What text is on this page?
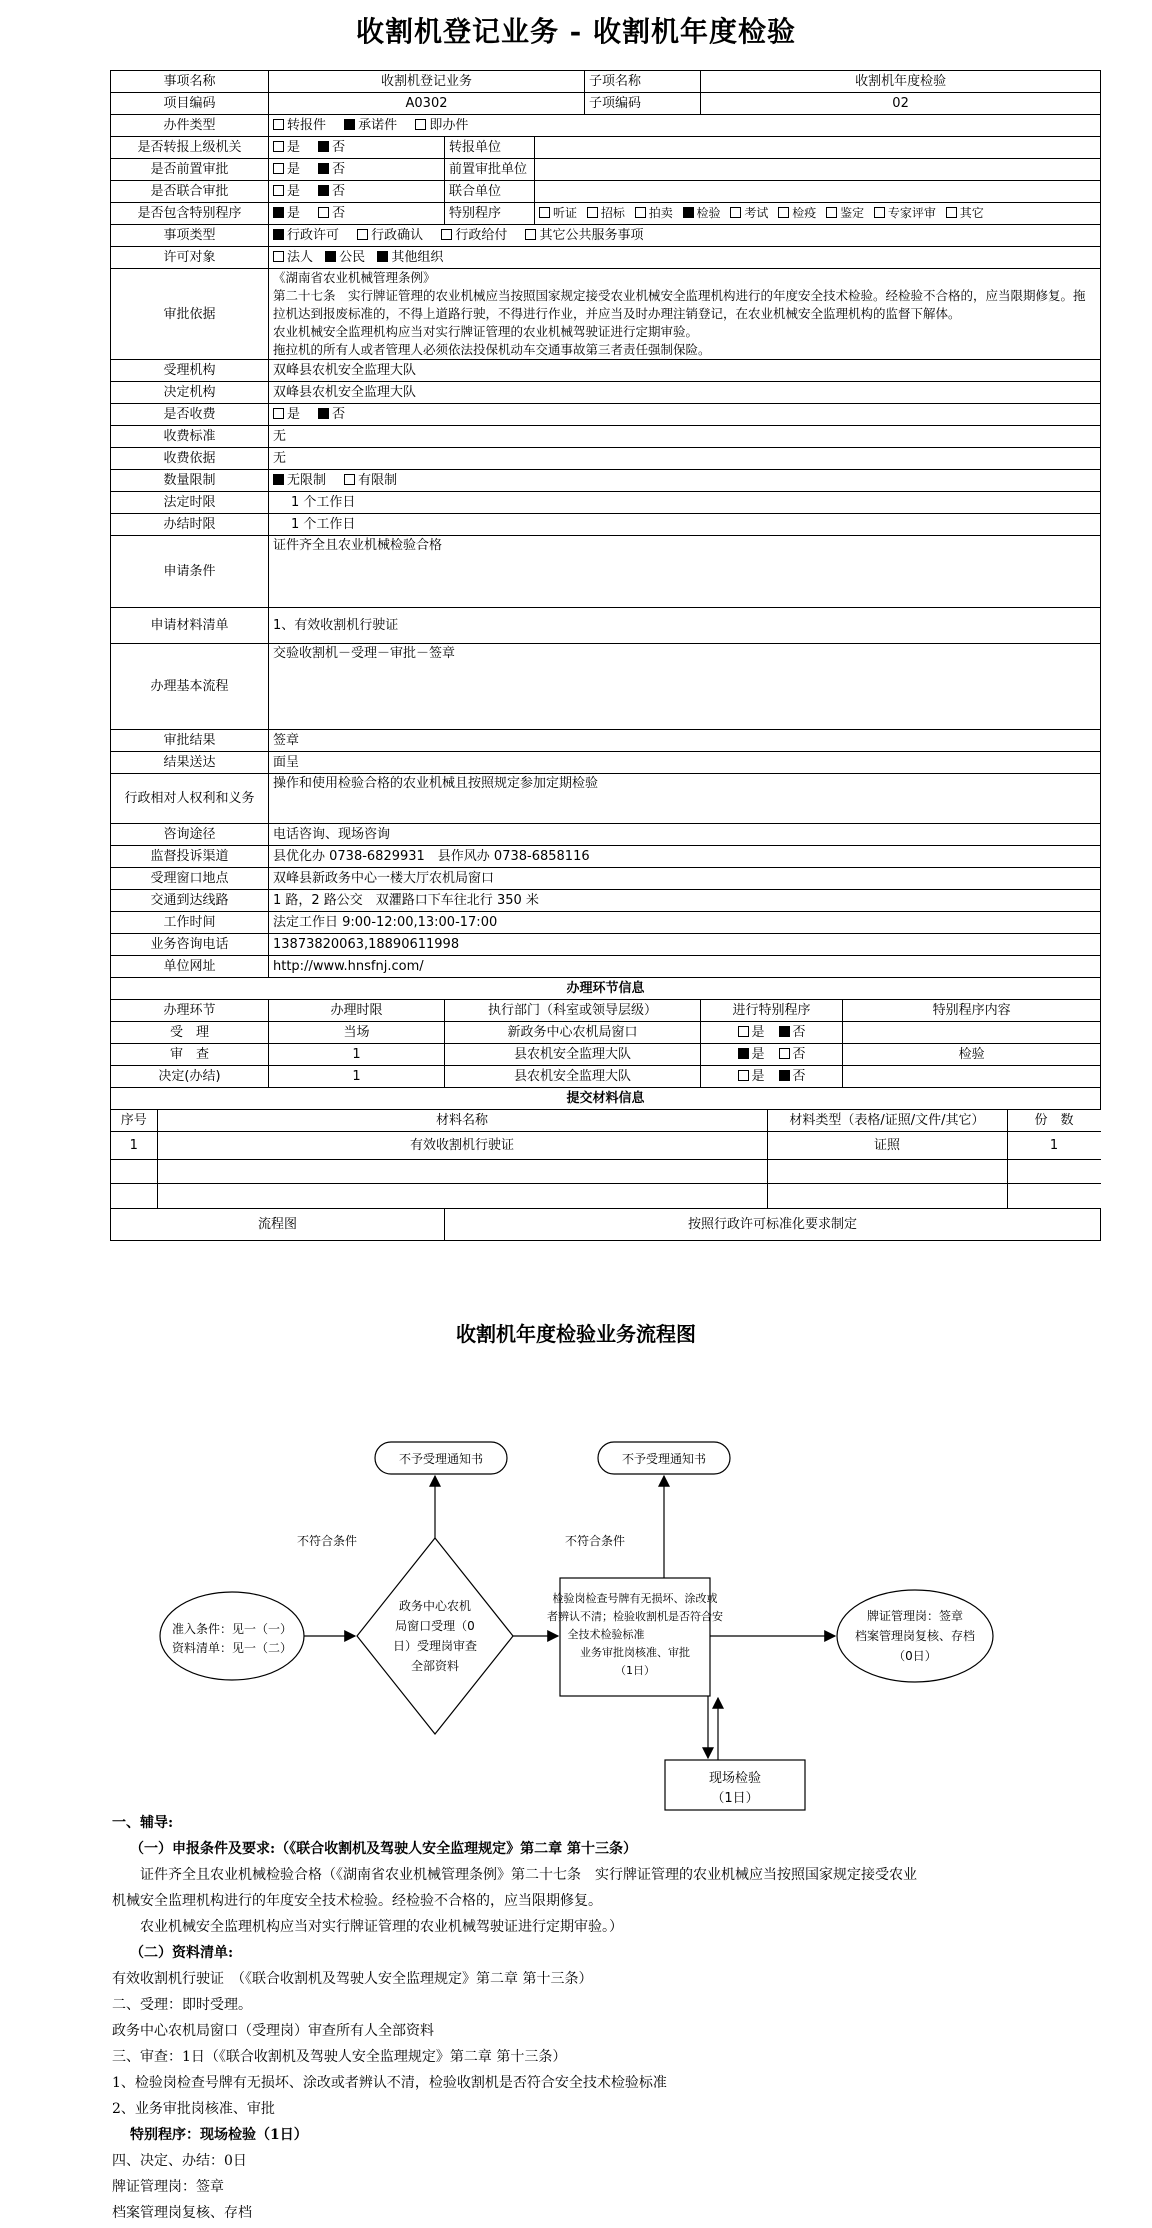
收割机登记业务 - 收割机年度检验
事项名称	收割机登记业务	子项名称	收割机年度检验
项目编码	A0302	子项编码	02
办件类型	转报件 承诺件 即办件
是否转报上级机关	是 否	转报单位	
是否前置审批	是 否	前置审批单位	
是否联合审批	是 否	联合单位	
是否包含特别程序	是 否	特别程序	听证 招标 拍卖 检验 考试 检疫 鉴定 专家评审 其它
事项类型	行政许可 行政确认 行政给付 其它公共服务事项
许可对象	法人 公民 其他组织
审批依据	
《湖南省农业机械管理条例》
第二十七条　实行牌证管理的农业机械应当按照国家规定接受农业机械安全监理机构进行的年度安全技术检验。经检验不合格的，应当限期修复。拖拉机达到报废标准的，不得上道路行驶，不得进行作业，并应当及时办理注销登记，在农业机械安全监理机构的监督下解体。
农业机械安全监理机构应当对实行牌证管理的农业机械驾驶证进行定期审验。
拖拉机的所有人或者管理人必须依法投保机动车交通事故第三者责任强制保险。

受理机构	双峰县农机安全监理大队
决定机构	双峰县农机安全监理大队
是否收费	是 否
收费标准	无
收费依据	无
数量限制	无限制 有限制
法定时限	1 个工作日
办结时限	1 个工作日
申请条件	证件齐全且农业机械检验合格
申请材料清单	1、有效收割机行驶证
办理基本流程	交验收割机－受理－审批－签章
审批结果	签章
结果送达	面呈
行政相对人权利和义务	操作和使用检验合格的农业机械且按照规定参加定期检验
咨询途径	电话咨询、现场咨询
监督投诉渠道	县优化办 0738-6829931　县作风办 0738-6858116
受理窗口地点	双峰县新政务中心一楼大厅农机局窗口
交通到达线路	1 路，2 路公交　双灈路口下车往北行 350 米
工作时间	法定工作日 9:00-12:00,13:00-17:00
业务咨询电话	13873820063,18890611998
单位网址	http://www.hnsfnj.com/
办理环节信息
办理环节	办理时限	执行部门（科室或领导层级）	进行特别程序	特别程序内容
受　理	当场	新政务中心农机局窗口	是 否	
审　查	1	县农机安全监理大队	是 否	检验
决定(办结)	1	县农机安全监理大队	是 否	
提交材料信息

序号	材料名称	材料类型（表格/证照/文件/其它）	份　数
1	有效收割机行驶证	证照	1

流程图	按照行政许可标准化要求制定
收割机年度检验业务流程图
不予受理通知书	不予受理通知书
不符合条件	不符合条件
准入条件：见一（一）
资料清单：见一（二）
政务中心农机
局窗口受理（0
日）受理岗审查
全部资料
检验岗检查号牌有无损坏、涂改或
者辨认不清；检验收割机是否符合安
全技术检验标准
业务审批岗核准、审批
（1日）
牌证管理岗：签章
档案管理岗复核、存档
（0日）
现场检验
（1日）

一、辅导:

（一）申报条件及要求:（《联合收割机及驾驶人安全监理规定》第二章 第十三条）

证件齐全且农业机械检验合格（《湖南省农业机械管理条例》第二十七条　实行牌证管理的农业机械应当按照国家规定接受农业

机械安全监理机构进行的年度安全技术检验。经检验不合格的，应当限期修复。

农业机械安全监理机构应当对实行牌证管理的农业机械驾驶证进行定期审验。）

（二）资料清单:

有效收割机行驶证　（《联合收割机及驾驶人安全监理规定》第二章 第十三条）

二、受理：即时受理。

政务中心农机局窗口（受理岗）审查所有人全部资料

三、审查：1日（《联合收割机及驾驶人安全监理规定》第二章 第十三条）

1、检验岗检查号牌有无损坏、涂改或者辨认不清，检验收割机是否符合安全技术检验标准

2、业务审批岗核准、审批

特别程序：现场检验（1日）

四、决定、办结：0日

牌证管理岗：签章

档案管理岗复核、存档
